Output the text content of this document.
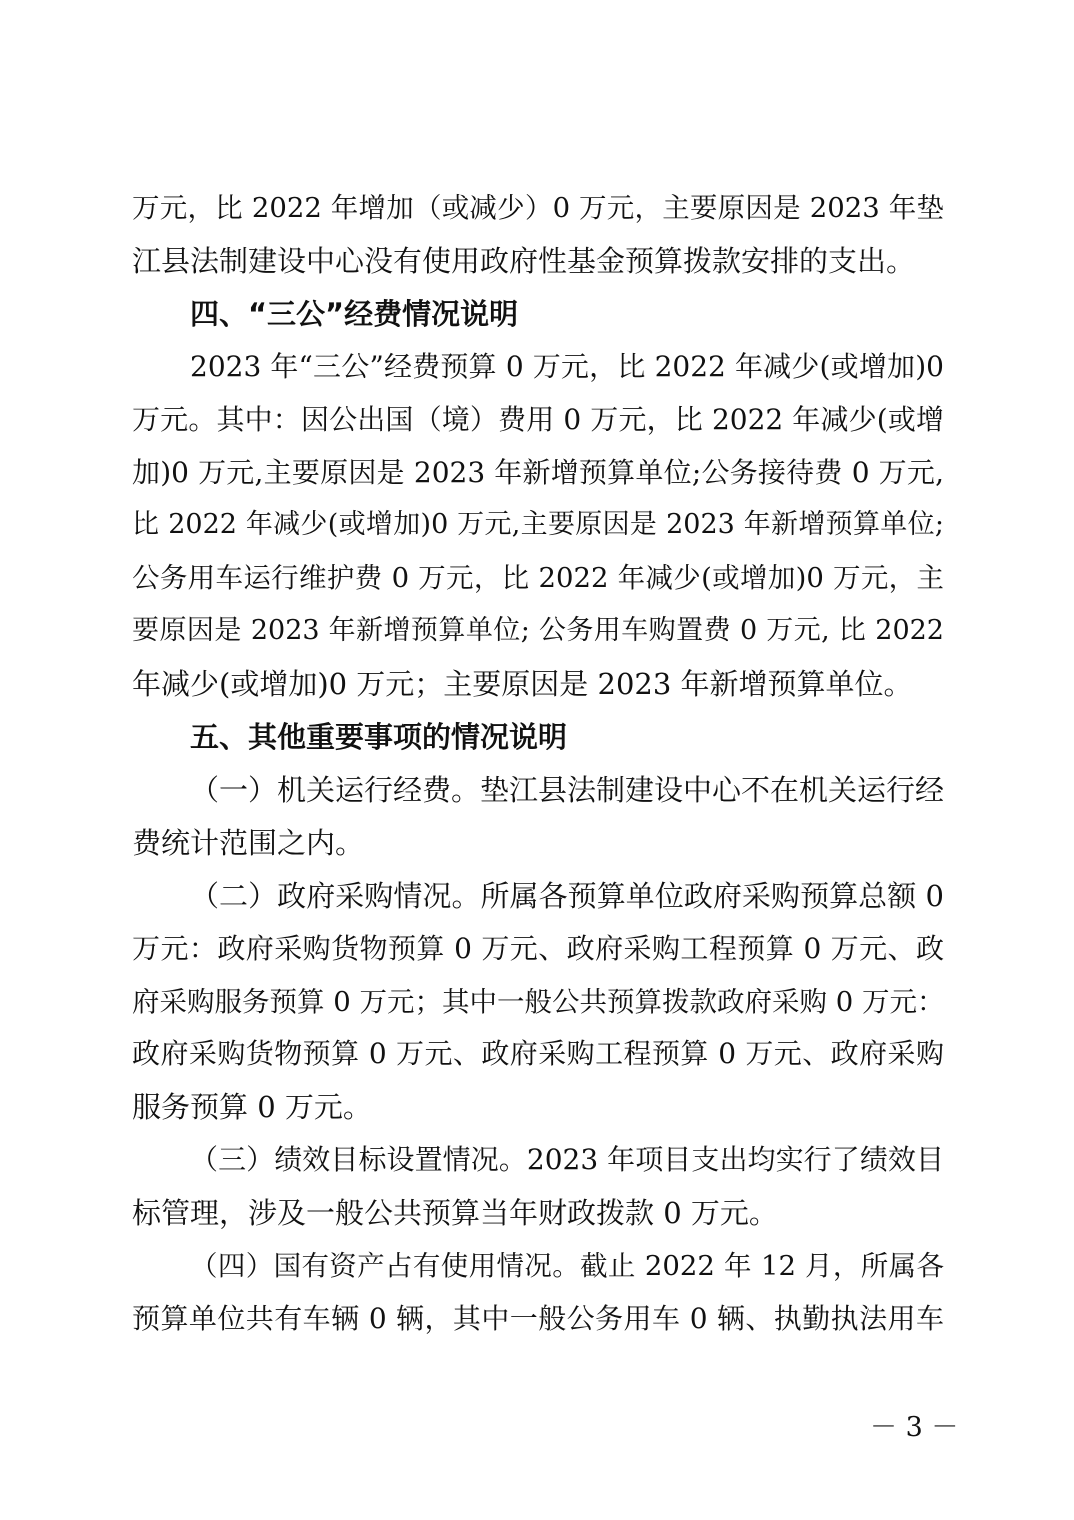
万元，比 2022 年增加（或减少）0 万元，主要原因是 2023 年垫
江县法制建设中心没有使用政府性基金预算拨款安排的支出。
四、“三公”经费情况说明
2023 年“三公”经费预算 0 万元，比 2022 年减少(或增加)0
万元。其中：因公出国（境）费用 0 万元，比 2022 年减少(或增
加)0 万元,主要原因是 2023 年新增预算单位;公务接待费 0 万元,
比 2022 年减少(或增加)0 万元,主要原因是 2023 年新增预算单位;
公务用车运行维护费 0 万元，比 2022 年减少(或增加)0 万元，主
要原因是 2023 年新增预算单位; 公务用车购置费 0 万元, 比 2022
年减少(或增加)0 万元；主要原因是 2023 年新增预算单位。
五、其他重要事项的情况说明
（一）机关运行经费。垫江县法制建设中心不在机关运行经
费统计范围之内。
（二）政府采购情况。所属各预算单位政府采购预算总额 0
万元：政府采购货物预算 0 万元、政府采购工程预算 0 万元、政
府采购服务预算 0 万元；其中一般公共预算拨款政府采购 0 万元：
政府采购货物预算 0 万元、政府采购工程预算 0 万元、政府采购
服务预算 0 万元。
（三）绩效目标设置情况。2023 年项目支出均实行了绩效目
标管理，涉及一般公共预算当年财政拨款 0 万元。
（四）国有资产占有使用情况。截止 2022 年 12 月，所属各
预算单位共有车辆 0 辆，其中一般公务用车 0 辆、执勤执法用车
－ 3 －
